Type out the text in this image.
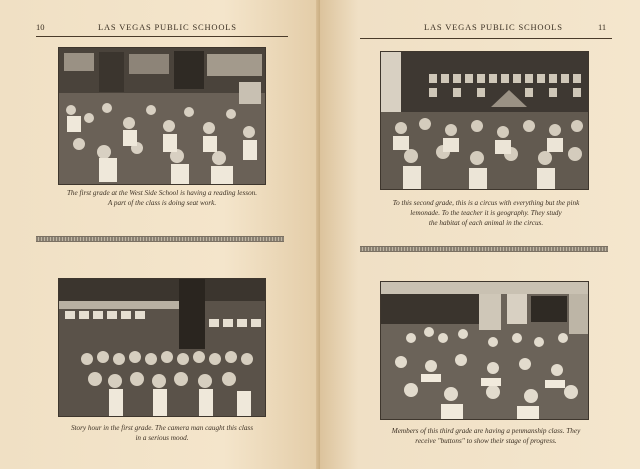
10	LAS VEGAS PUBLIC SCHOOLS
The first grade at the West Side School is having a reading lesson.
A part of the class is doing seat work.
Story hour in the first grade. The camera man caught this class
in a serious mood.
LAS VEGAS PUBLIC SCHOOLS	11
To this second grade, this is a circus with everything but the pink
lemonade. To the teacher it is geography. They study
the habitat of each animal in the circus.
Members of this third grade are having a penmanship class. They
receive "buttons" to show their stage of progress.
